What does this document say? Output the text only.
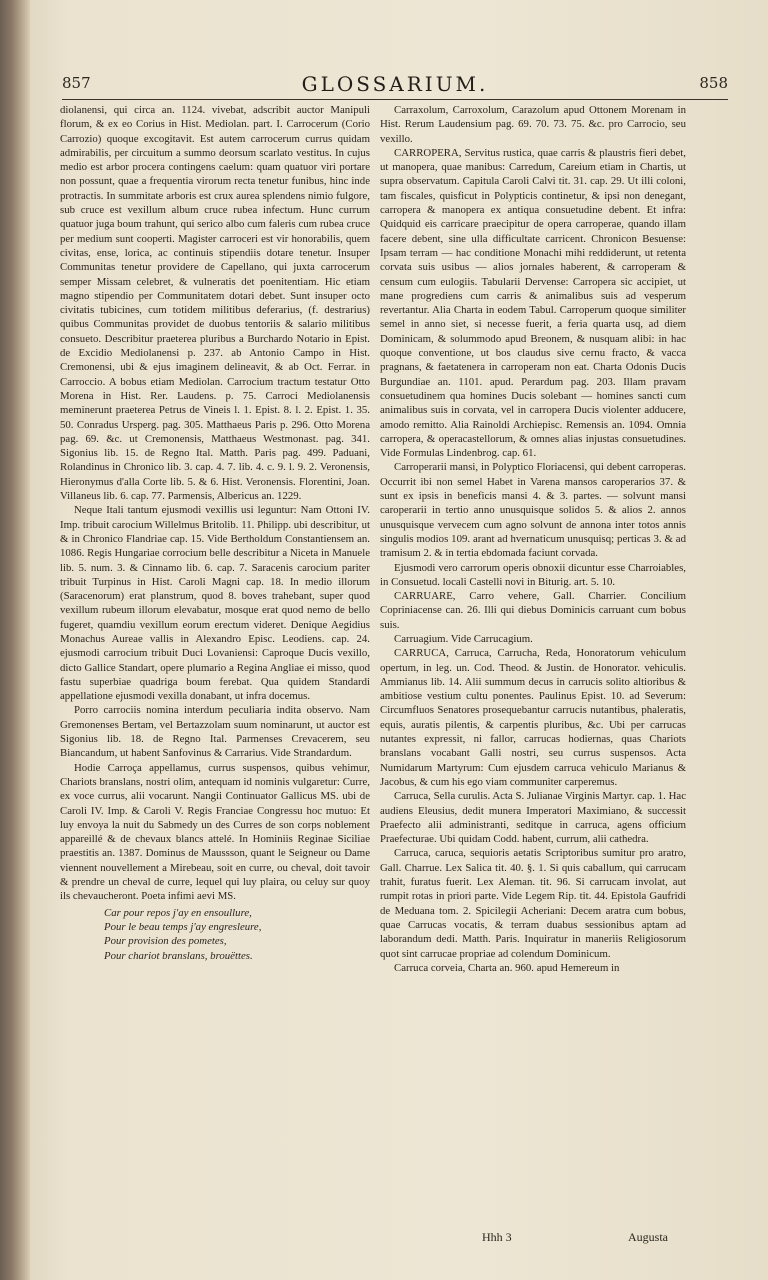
857	GLOSSARIUM.	858

diolanensi, qui circa an. 1124. vivebat, adscribit auctor Manipuli florum, & ex eo Corius in Hist. Mediolan. part. I. Carrocerum (Corio Carrozio) quoque excogitavit. Est autem carrocerum currus quidam admirabilis, per circuitum a summo deorsum scarlato vestitus. In cujus medio est arbor procera contingens caelum: quam quatuor viri portare non possunt, quae a frequentia virorum recta tenetur funibus, hinc inde protractis. In summitate arboris est crux aurea splendens nimio fulgore, sub cruce est vexillum album cruce rubea infectum. Hunc currum quatuor juga boum trahunt, qui serico albo cum faleris cum rubea cruce per medium sunt cooperti. Magister carroceri est vir honorabilis, quem civitas, ense, lorica, ac continuis stipendiis dotare tenetur. Insuper Communitas tenetur providere de Capellano, qui juxta carrocerum semper Missam celebret, & vulneratis det poenitentiam. Hic etiam magno stipendio per Communitatem dotari debet. Sunt insuper octo civitatis tubicines, cum totidem militibus deferarius, (f. destrarius) quibus Communitas providet de duobus tentoriis & salario militibus consueto. Describitur praeterea pluribus a Burchardo Notario in Epist. de Excidio Mediolanensi p. 237. ab Antonio Campo in Hist. Cremonensi, ubi & ejus imaginem delineavit, & ab Oct. Ferrar. in Carroccio. A bobus etiam Mediolan. Carrocium tractum testatur Otto Morena in Hist. Rer. Laudens. p. 75. Carroci Mediolanensis meminerunt praeterea Petrus de Vineis l. 1. Epist. 8. l. 2. Epist. 1. 35. 50. Conradus Ursperg. pag. 305. Matthaeus Paris p. 296. Otto Morena pag. 69. &c. ut Cremonensis, Matthaeus Westmonast. pag. 341. Sigonius lib. 15. de Regno Ital. Matth. Paris pag. 499. Paduani, Rolandinus in Chronico lib. 3. cap. 4. 7. lib. 4. c. 9. l. 9. 2. Veronensis, Hieronymus d'alla Corte lib. 5. & 6. Hist. Veronensis. Florentini, Joan. Villaneus lib. 6. cap. 77. Parmensis, Albericus an. 1229.

Neque Itali tantum ejusmodi vexillis usi leguntur: Nam Ottoni IV. Imp. tribuit carocium Willelmus Britolib. 11. Philipp. ubi describitur, ut & in Chronico Flandriae cap. 15. Vide Bertholdum Constantiensem an. 1086. Regis Hungariae corrocium belle describitur a Niceta in Manuele lib. 5. num. 3. & Cinnamo lib. 6. cap. 7. Saracenis carocium pariter tribuit Turpinus in Hist. Caroli Magni cap. 18. In medio illorum (Saracenorum) erat planstrum, quod 8. boves trahebant, super quod vexillum rubeum illorum elevabatur, mosque erat quod nemo de bello fugeret, quamdiu vexillum eorum erectum videret. Denique Aegidius Monachus Aureae vallis in Alexandro Episc. Leodiens. cap. 24. ejusmodi carrocium tribuit Duci Lovaniensi: Caproque Ducis vexillo, dicto Gallice Standart, opere plumario a Regina Angliae ei misso, quod fastu superbiae quadriga boum ferebat. Qua quidem Standardi appellatione ejusmodi vexilla donabant, ut infra docemus.

Porro carrociis nomina interdum peculiaria indita observo. Nam Gremonenses Bertam, vel Bertazzolam suum nominarunt, ut auctor est Sigonius lib. 18. de Regno Ital. Parmenses Crevacerem, seu Biancandum, ut habent Sanfovinus & Carrarius. Vide Strandardum.

Hodie Carroça appellamus, currus suspensos, quibus vehimur, Chariots branslans, nostri olim, antequam id nominis vulgaretur: Curre, ex voce currus, alii vocarunt. Nangii Continuator Gallicus MS. ubi de Caroli IV. Imp. & Caroli V. Regis Franciae Congressu hoc mutuo: Et luy envoya la nuit du Sabmedy un des Curres de son corps noblement appareillé & de chevaux blancs attelé. In Hominiis Reginae Siciliae praestitis an. 1387. Dominus de Maussson, quant le Seigneur ou Dame viennent nouvellement a Mirebeau, soit en curre, ou cheval, doit tavoir & prendre un cheval de curre, lequel qui luy plaira, ou celuy sur quoy ils chevaucheront. Poeta infimi aevi MS.

Car pour repos j'ay en ensoullure,
Pour le beau temps j'ay engresleure,
Pour provision des pometes,
Pour chariot branslans, brouëttes.

Carraxolum, Carroxolum, Carazolum apud Ottonem Morenam in Hist. Rerum Laudensium pag. 69. 70. 73. 75. &c. pro Carrocio, seu vexillo.

CARROPERA, Servitus rustica, quae carris & plaustris fieri debet, ut manopera, quae manibus: Carredum, Careium etiam in Chartis, ut supra observatum. Capitula Caroli Calvi tit. 31. cap. 29. Ut illi coloni, tam fiscales, quisficut in Polypticis continetur, & ipsi non denegant, carropera & manopera ex antiqua consuetudine debent. Et infra: Quidquid eis carricare praecipitur de opera carroperae, quando illam facere debent, sine ulla difficultate carricent. Chronicon Besuense: Ipsam terram — hac conditione Monachi mihi reddiderunt, ut retenta corvata suis usibus — alios jornales haberent, & carroperam & censum cum eulogiis. Tabularii Dervense: Carropera sic accipiet, ut mane progrediens cum carris & animalibus suis ad vesperum revertantur. Alia Charta in eodem Tabul. Carroperum quoque similiter semel in anno siet, si necesse fuerit, a feria quarta usq, ad diem Dominicam, & solummodo apud Breonem, & nusquam alibi: in hac quoque conventione, ut bos claudus sive cernu fracto, & vacca pragnans, & faetatenera in carroperam non eat. Charta Odonis Ducis Burgundiae an. 1101. apud. Perardum pag. 203. Illam pravam consuetudinem qua homines Ducis solebant — homines sancti cum animalibus suis in corvata, vel in carropera Ducis violenter adducere, amodo remitto. Alia Rainoldi Archiepisc. Remensis an. 1094. Omnia carropera, & operacastellorum, & omnes alias injustas consuetudines. Vide Formulas Lindenbrog. cap. 61.

Carroperarii mansi, in Polyptico Floriacensi, qui debent carroperas. Occurrit ibi non semel Habet in Varena mansos caroperarios 37. & sunt ex ipsis in beneficis mansi 4. & 3. partes. — solvunt mansi caroperarii in tertio anno unusquisque solidos 5. & alios 2. annos unusquisque vervecem cum agno solvunt de annona inter totos annis singulis modios 109. arant ad hvernaticum unusquisq; perticas 3. & ad tramisum 2. & in tertia ebdomada faciunt corvada.

Ejusmodi vero carrorum operis obnoxii dicuntur esse Charroiables, in Consuetud. locali Castelli novi in Biturig. art. 5. 10.

CARRUARE, Carro vehere, Gall. Charrier. Concilium Copriniacense can. 26. Illi qui diebus Dominicis carruant cum bobus suis.

Carruagium. Vide Carrucagium.

CARRUCA, Carruca, Carrucha, Reda, Honoratorum vehiculum opertum, in leg. un. Cod. Theod. & Justin. de Honorator. vehiculis. Ammianus lib. 14. Alii summum decus in carrucis solito altioribus & ambitiose vestium cultu ponentes. Paulinus Epist. 10. ad Severum: Circumfluos Senatores prosequebantur carrucis nutantibus, phaleratis, equis, auratis pilentis, & carpentis pluribus, &c. Ubi per carrucas nutantes expressit, ni fallor, carrucas hodiernas, quas Chariots branslans vocabant Galli nostri, seu currus suspensos. Acta Numidarum Martyrum: Cum ejusdem carruca vehiculo Marianus & Jacobus, & cum his ego viam communiter carperemus.

Carruca, Sella curulis. Acta S. Julianae Virginis Martyr. cap. 1. Hac audiens Eleusius, dedit munera Imperatori Maximiano, & successit Praefecto alii administranti, seditque in carruca, agens officium Praefecturae. Ubi quidam Codd. habent, currum, alii cathedra.

Carruca, caruca, sequioris aetatis Scriptoribus sumitur pro aratro, Gall. Charrue. Lex Salica tit. 40. §. 1. Si quis caballum, qui carrucam trahit, furatus fuerit. Lex Aleman. tit. 96. Si carrucam involat, aut rumpit rotas in priori parte. Vide Legem Rip. tit. 44. Epistola Gaufridi de Meduana tom. 2. Spicilegii Acheriani: Decem aratra cum bobus, quae Carrucas vocatis, & terram duabus sessionibus aptam ad laborandum dedi. Matth. Paris. Inquiratur in maneriis Religiosorum quot sint carrucae propriae ad colendum Dominicum.

Carruca corveia, Charta an. 960. apud Hemereum in

Hhh 3	Augusta
